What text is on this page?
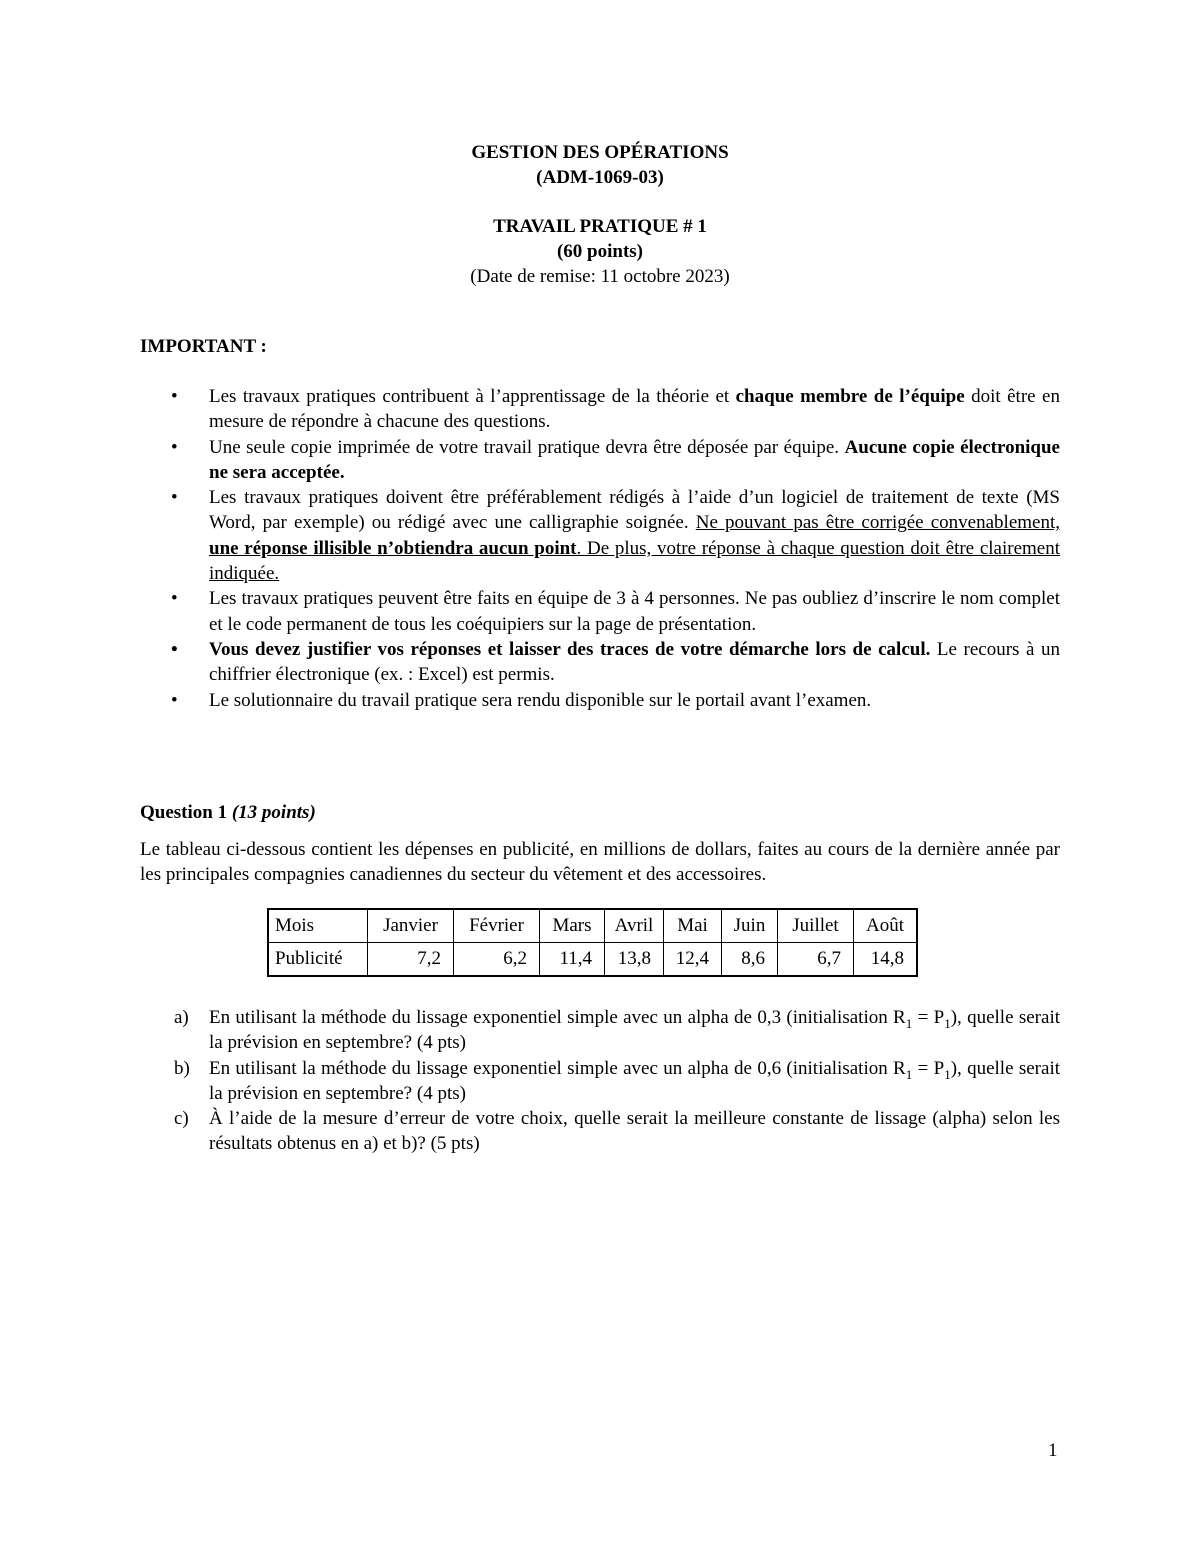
GESTION DES OPÉRATIONS
(ADM-1069-03)
TRAVAIL PRATIQUE # 1
(60 points)
(Date de remise: 11 octobre 2023)
IMPORTANT :
• Les travaux pratiques contribuent à l’apprentissage de la théorie et chaque membre de l’équipe doit être en mesure de répondre à chacune des questions.
• Une seule copie imprimée de votre travail pratique devra être déposée par équipe. Aucune copie électronique ne sera acceptée.
• Les travaux pratiques doivent être préférablement rédigés à l’aide d’un logiciel de traitement de texte (MS Word, par exemple) ou rédigé avec une calligraphie soignée. Ne pouvant pas être corrigée convenablement, une réponse illisible n’obtiendra aucun point. De plus, votre réponse à chaque question doit être clairement indiquée.
• Les travaux pratiques peuvent être faits en équipe de 3 à 4 personnes. Ne pas oubliez d’inscrire le nom complet et le code permanent de tous les coéquipiers sur la page de présentation.
• Vous devez justifier vos réponses et laisser des traces de votre démarche lors de calcul. Le recours à un chiffrier électronique (ex. : Excel) est permis.
• Le solutionnaire du travail pratique sera rendu disponible sur le portail avant l’examen.
Question 1 (13 points)
Le tableau ci-dessous contient les dépenses en publicité, en millions de dollars, faites au cours de la dernière année par les principales compagnies canadiennes du secteur du vêtement et des accessoires.
Mois	Janvier	Février	Mars	Avril	Mai	Juin	Juillet	Août
Publicité	7,2	6,2	11,4	13,8	12,4	8,6	6,7	14,8
a) En utilisant la méthode du lissage exponentiel simple avec un alpha de 0,3 (initialisation $R_1 = P_1$), quelle serait la prévision en septembre? (4 pts)
b) En utilisant la méthode du lissage exponentiel simple avec un alpha de 0,6 (initialisation $R_1 = P_1$), quelle serait la prévision en septembre? (4 pts)
c) À l’aide de la mesure d’erreur de votre choix, quelle serait la meilleure constante de lissage (alpha) selon les résultats obtenus en a) et b)? (5 pts)
1
